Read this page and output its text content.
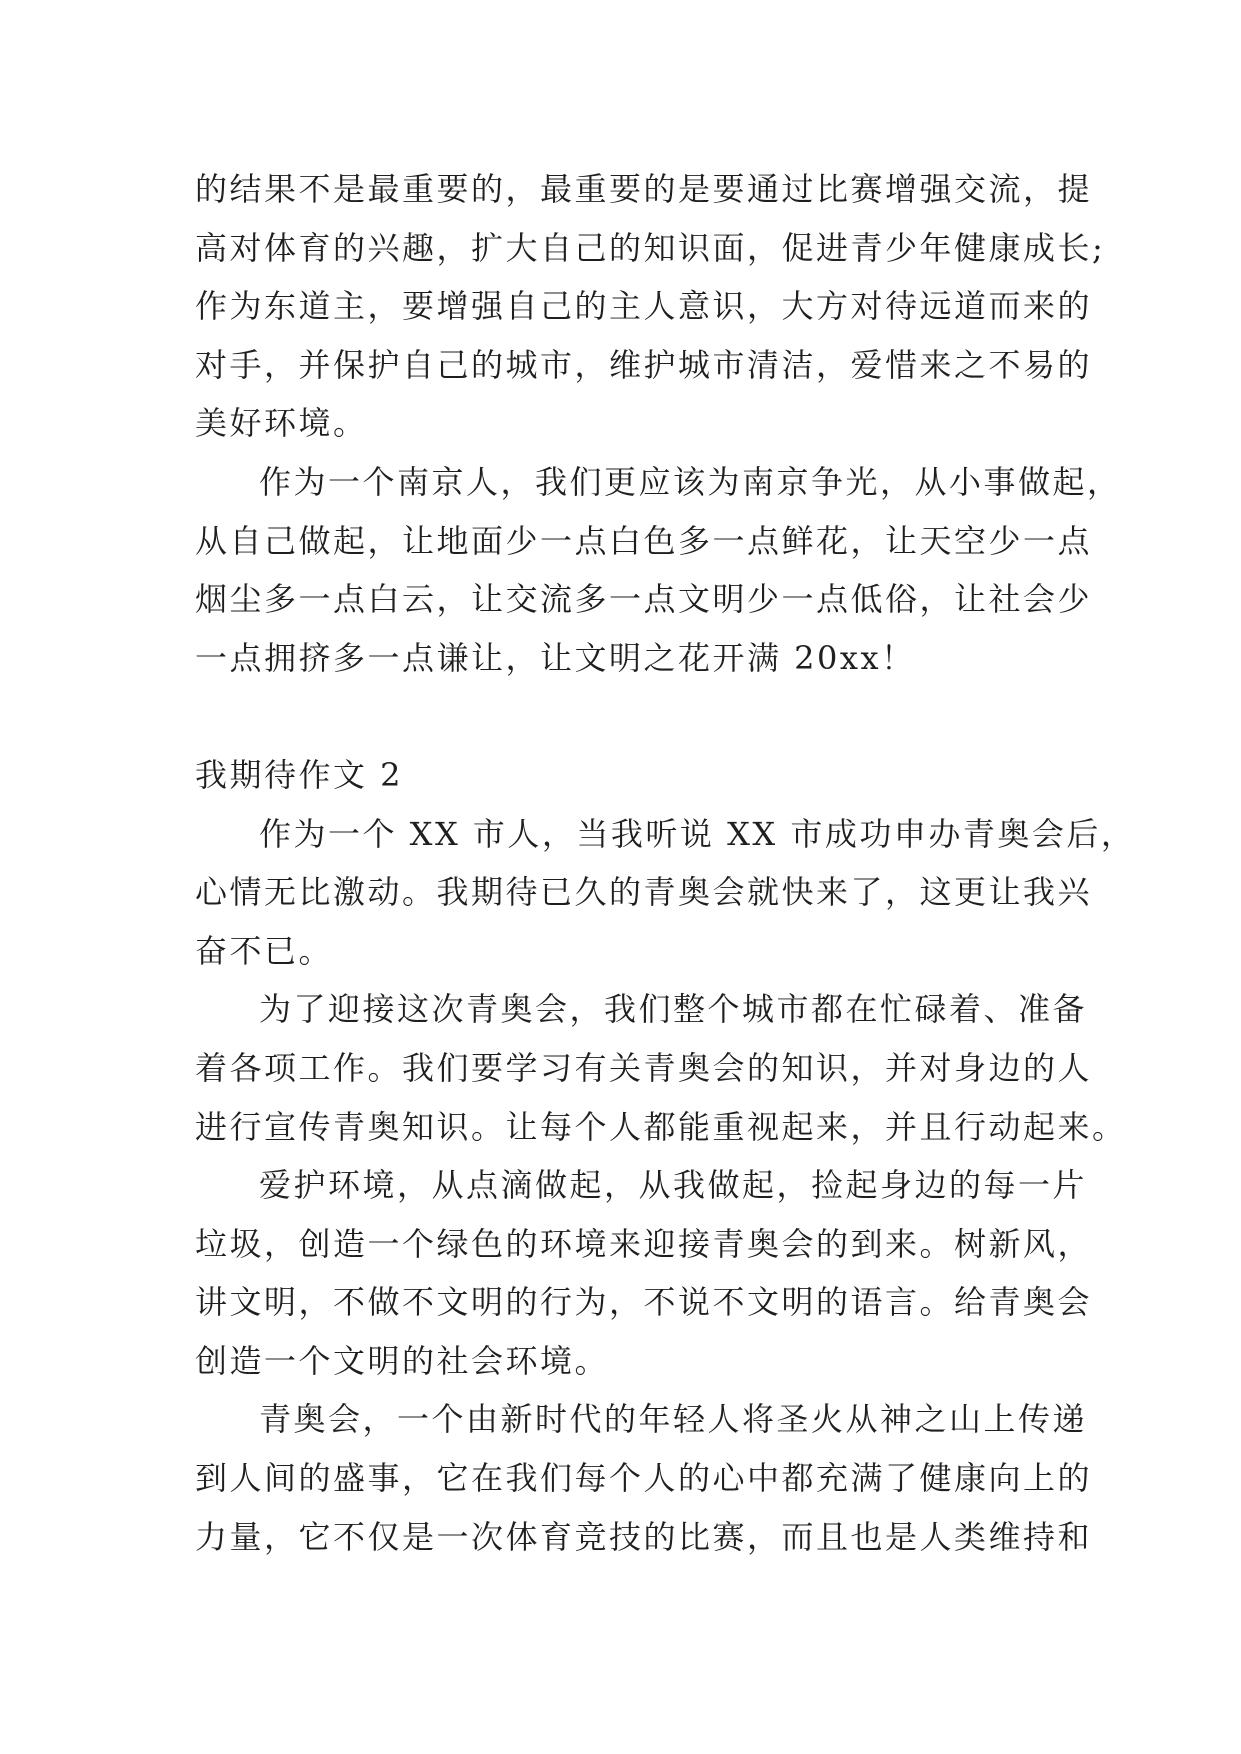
的结果不是最重要的，最重要的是要通过比赛增强交流，提
高对体育的兴趣，扩大自己的知识面，促进青少年健康成长;
作为东道主，要增强自己的主人意识，大方对待远道而来的
对手，并保护自己的城市，维护城市清洁，爱惜来之不易的
美好环境。
作为一个南京人，我们更应该为南京争光，从小事做起，
从自己做起，让地面少一点白色多一点鲜花，让天空少一点
烟尘多一点白云，让交流多一点文明少一点低俗，让社会少
一点拥挤多一点谦让，让文明之花开满 20xx！
我期待作文 2
作为一个 XX 市人，当我听说 XX 市成功申办青奥会后，
心情无比激动。我期待已久的青奥会就快来了，这更让我兴
奋不已。
为了迎接这次青奥会，我们整个城市都在忙碌着、准备
着各项工作。我们要学习有关青奥会的知识，并对身边的人
进行宣传青奥知识。让每个人都能重视起来，并且行动起来。
爱护环境，从点滴做起，从我做起，捡起身边的每一片
垃圾，创造一个绿色的环境来迎接青奥会的到来。树新风，
讲文明，不做不文明的行为，不说不文明的语言。给青奥会
创造一个文明的社会环境。
青奥会，一个由新时代的年轻人将圣火从神之山上传递
到人间的盛事，它在我们每个人的心中都充满了健康向上的
力量，它不仅是一次体育竞技的比赛，而且也是人类维持和
